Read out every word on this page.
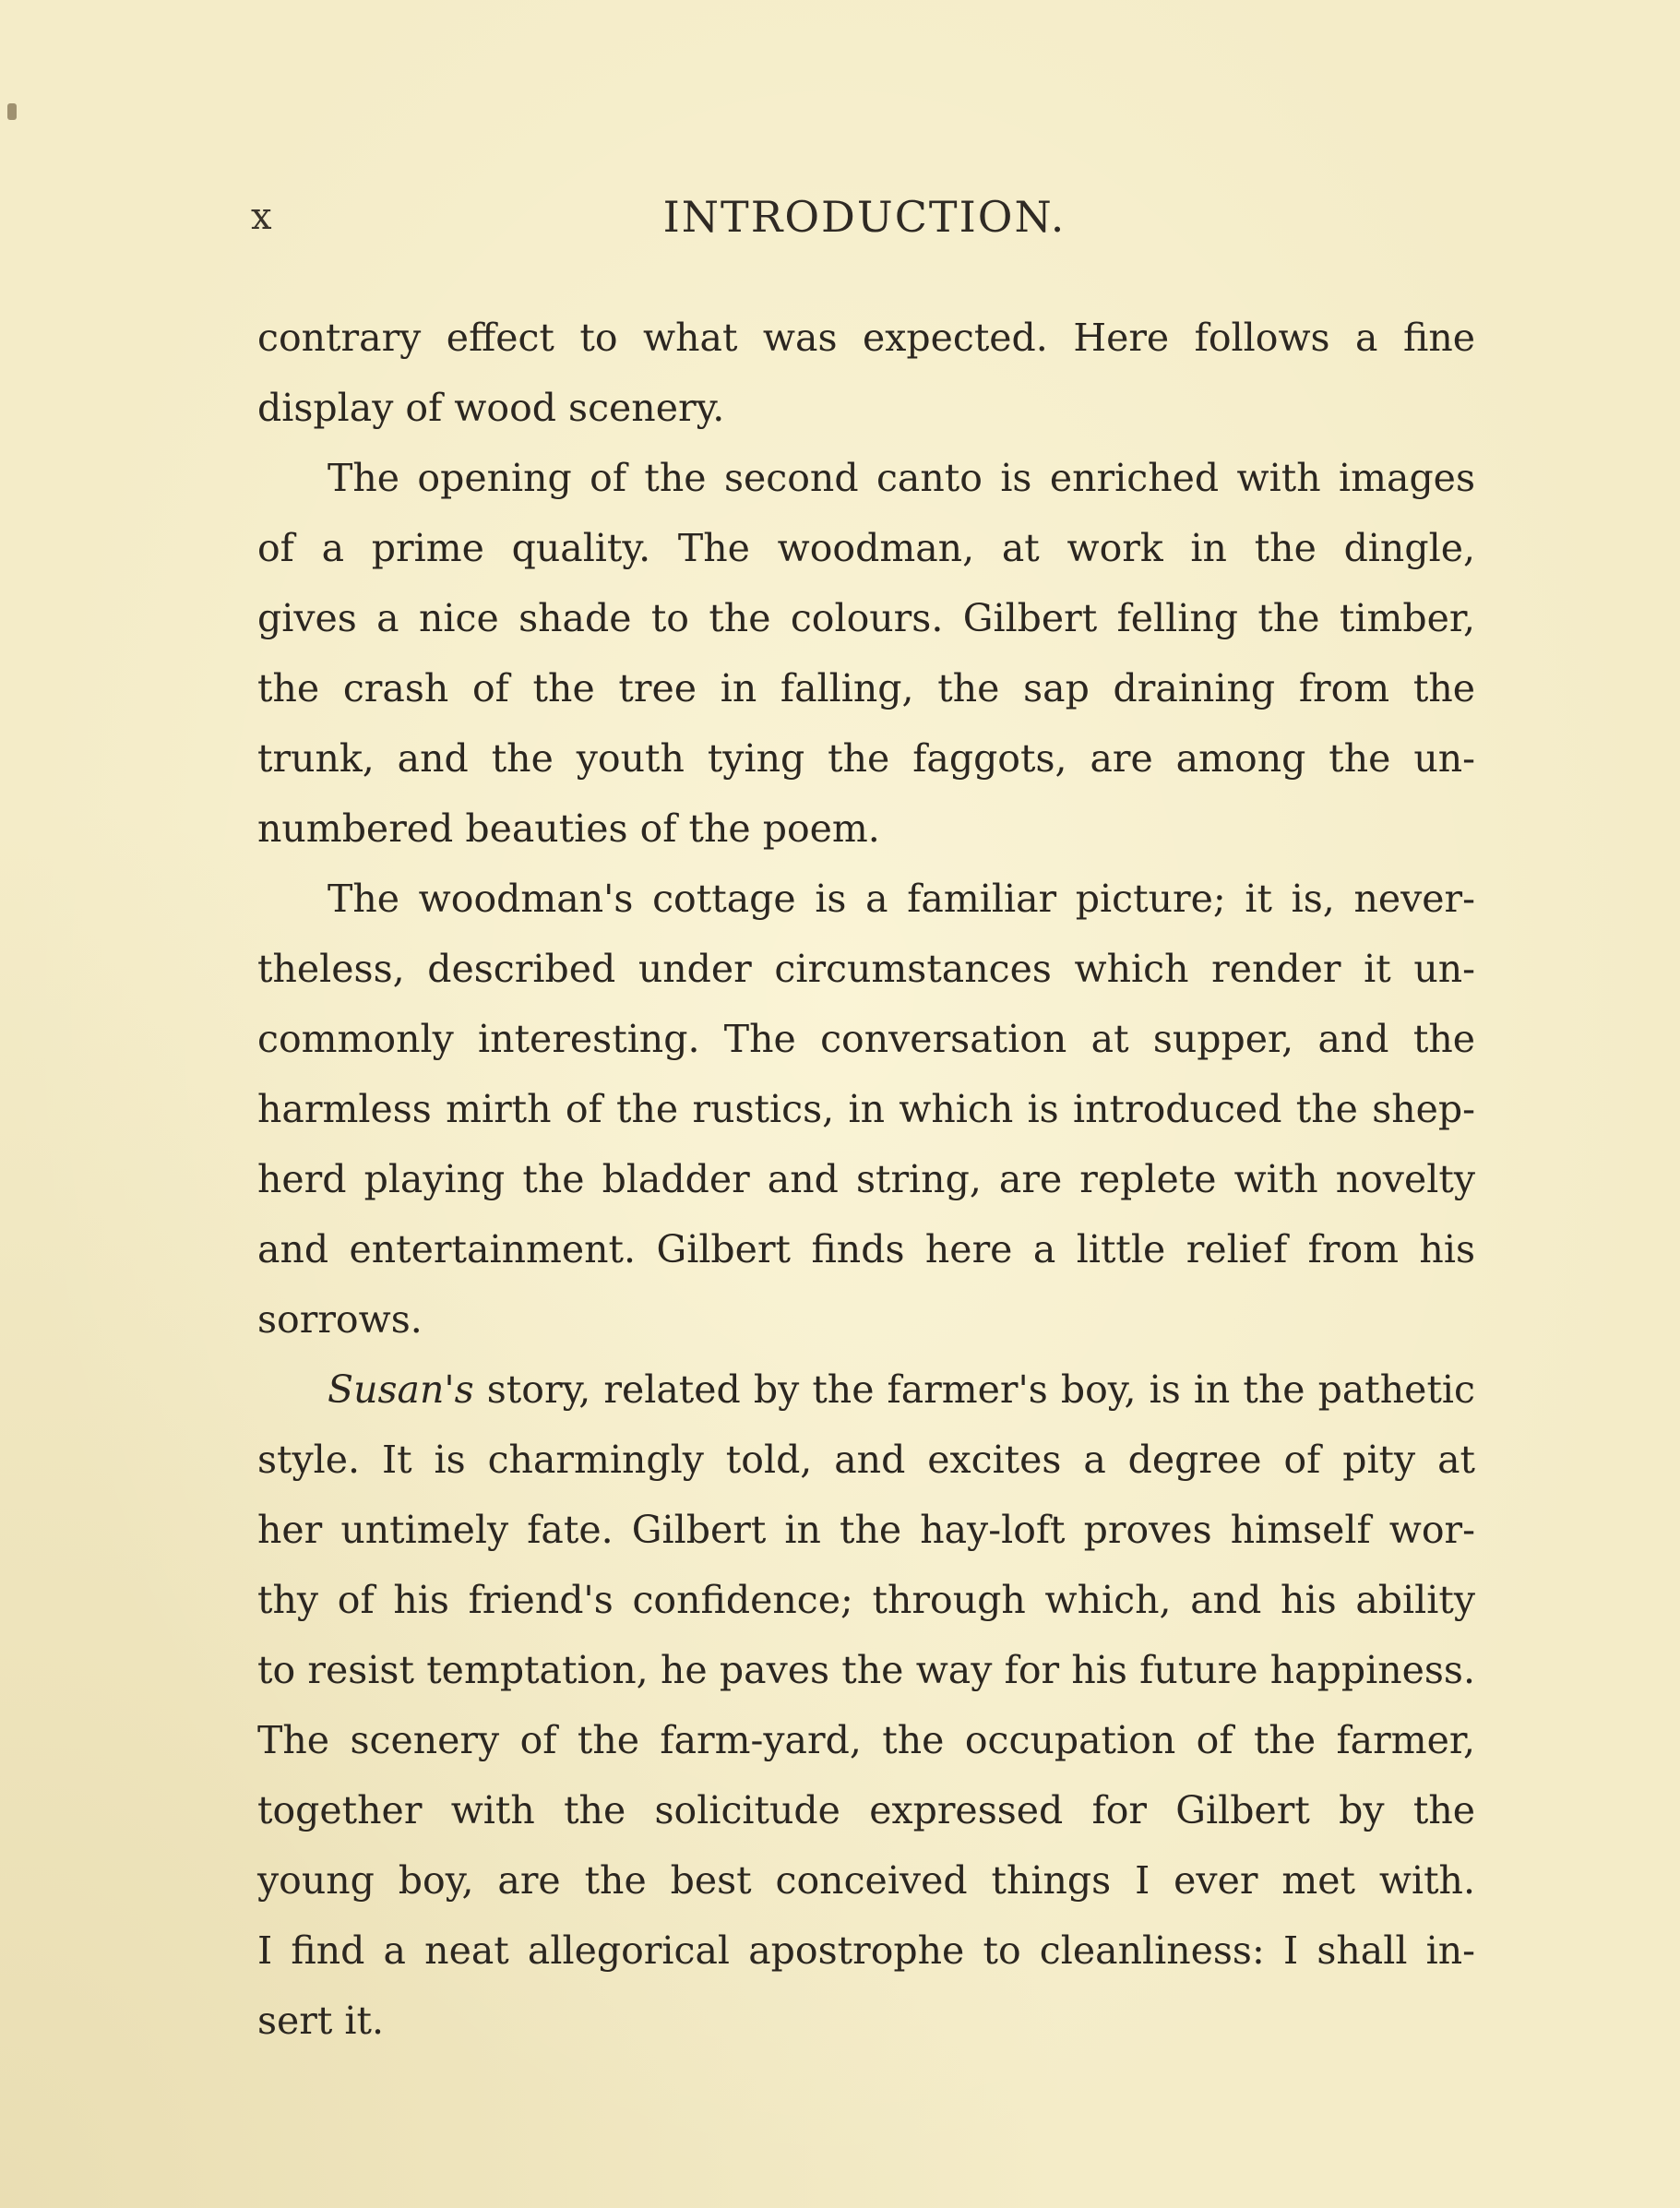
x	INTRODUCTION.

contrary effect to what was expected. Here follows a fine
display of wood scenery.

The opening of the second canto is enriched with images
of a prime quality. The woodman, at work in the dingle,
gives a nice shade to the colours. Gilbert felling the timber,
the crash of the tree in falling, the sap draining from the
trunk, and the youth tying the faggots, are among the un-
numbered beauties of the poem.

The woodman's cottage is a familiar picture; it is, never-
theless, described under circumstances which render it un-
commonly interesting. The conversation at supper, and the
harmless mirth of the rustics, in which is introduced the shep-
herd playing the bladder and string, are replete with novelty
and entertainment. Gilbert finds here a little relief from his
sorrows.

Susan's story, related by the farmer's boy, is in the pathetic
style. It is charmingly told, and excites a degree of pity at
her untimely fate. Gilbert in the hay-loft proves himself wor-
thy of his friend's confidence; through which, and his ability
to resist temptation, he paves the way for his future happiness.
The scenery of the farm-yard, the occupation of the farmer,
together with the solicitude expressed for Gilbert by the
young boy, are the best conceived things I ever met with.
I find a neat allegorical apostrophe to cleanliness: I shall in-
sert it.
